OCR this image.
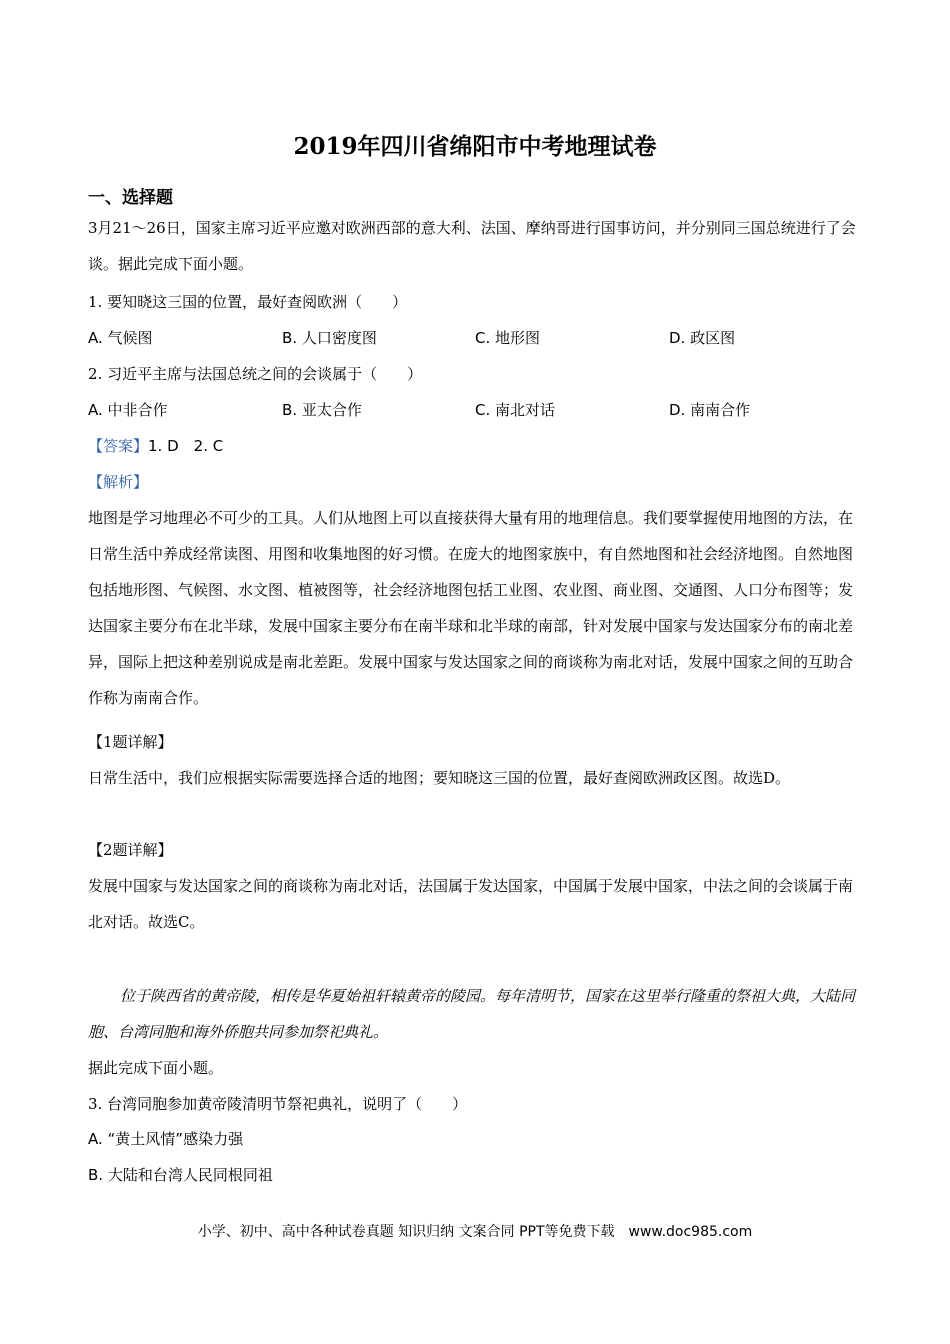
2019年四川省绵阳市中考地理试卷
一、选择题
3月21～26日，国家主席习近平应邀对欧洲西部的意大利、法国、摩纳哥进行国事访问，并分别同三国总统进行了会谈。据此完成下面小题。
1. 要知晓这三国的位置，最好查阅欧洲（　　）
A. 气候图	B. 人口密度图	C. 地形图	D. 政区图
2. 习近平主席与法国总统之间的会谈属于（　　）
A. 中非合作	B. 亚太合作	C. 南北对话	D. 南南合作
【答案】1. D　2. C
【解析】
地图是学习地理必不可少的工具。人们从地图上可以直接获得大量有用的地理信息。我们要掌握使用地图的方法，在日常生活中养成经常读图、用图和收集地图的好习惯。在庞大的地图家族中，有自然地图和社会经济地图。自然地图包括地形图、气候图、水文图、植被图等，社会经济地图包括工业图、农业图、商业图、交通图、人口分布图等；发达国家主要分布在北半球，发展中国家主要分布在南半球和北半球的南部，针对发展中国家与发达国家分布的南北差异，国际上把这种差别说成是南北差距。发展中国家与发达国家之间的商谈称为南北对话，发展中国家之间的互助合作称为南南合作。
【1题详解】
日常生活中，我们应根据实际需要选择合适的地图；要知晓这三国的位置，最好查阅欧洲政区图。故选D。
【2题详解】
发展中国家与发达国家之间的商谈称为南北对话，法国属于发达国家，中国属于发展中国家，中法之间的会谈属于南北对话。故选C。
位于陕西省的黄帝陵，相传是华夏始祖轩辕黄帝的陵园。每年清明节，国家在这里举行隆重的祭祖大典，大陆同胞、台湾同胞和海外侨胞共同参加祭祀典礼。
据此完成下面小题。
3. 台湾同胞参加黄帝陵清明节祭祀典礼，说明了（　　）
A. “黄土风情”感染力强
B. 大陆和台湾人民同根同祖
小学、初中、高中各种试卷真题 知识归纳 文案合同 PPT等免费下载　www.doc985.com
